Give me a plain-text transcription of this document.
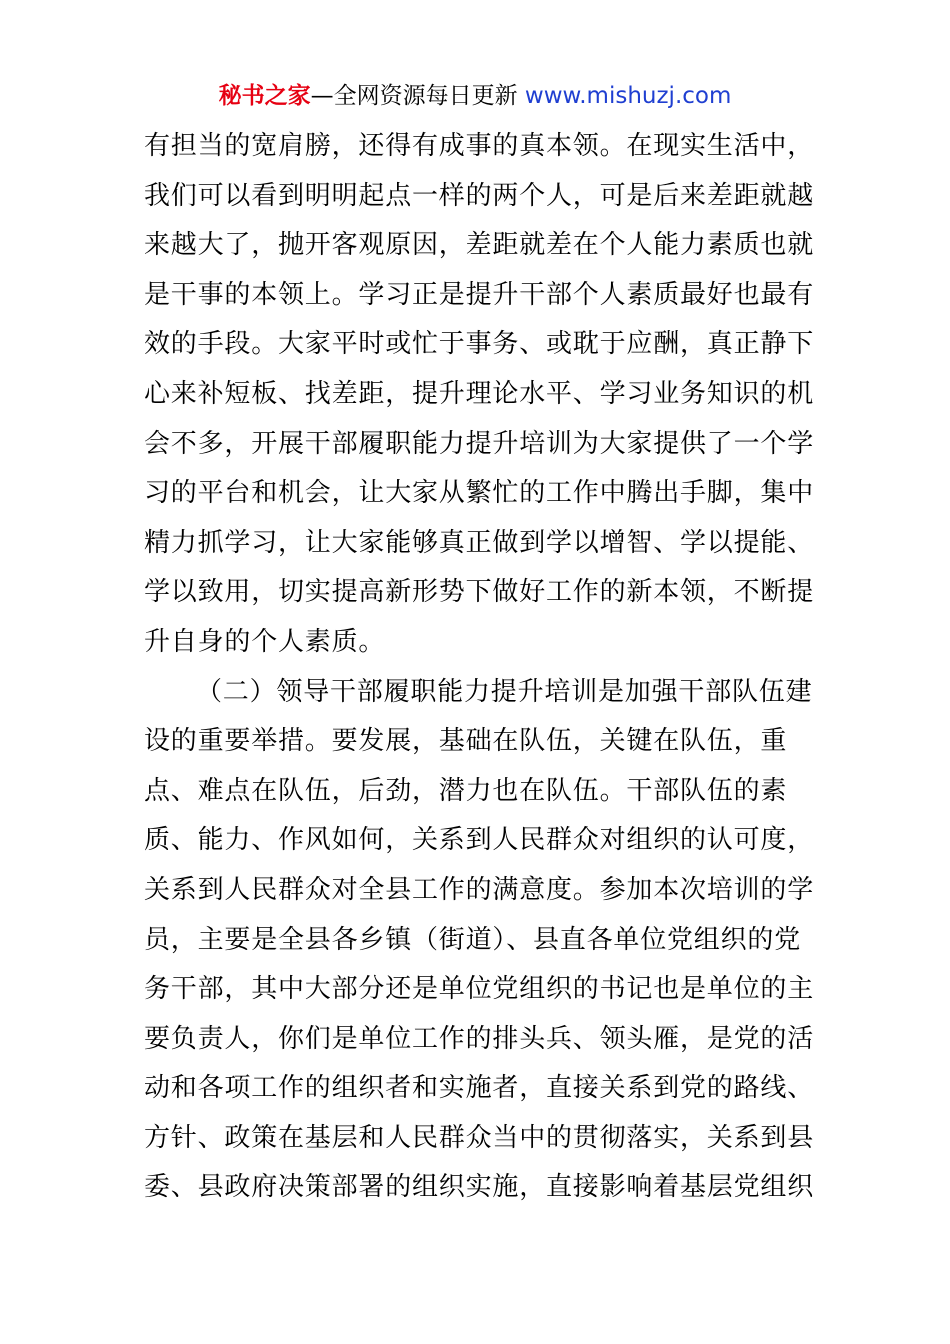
秘书之家—全网资源每日更新 www.mishuzj.com
有担当的宽肩膀，还得有成事的真本领。在现实生活中，
我们可以看到明明起点一样的两个人，可是后来差距就越
来越大了，抛开客观原因，差距就差在个人能力素质也就
是干事的本领上。学习正是提升干部个人素质最好也最有
效的手段。大家平时或忙于事务、或耽于应酬，真正静下
心来补短板、找差距，提升理论水平、学习业务知识的机
会不多，开展干部履职能力提升培训为大家提供了一个学
习的平台和机会，让大家从繁忙的工作中腾出手脚，集中
精力抓学习，让大家能够真正做到学以增智、学以提能、
学以致用，切实提高新形势下做好工作的新本领，不断提
升自身的个人素质。
（二）领导干部履职能力提升培训是加强干部队伍建
设的重要举措。要发展，基础在队伍，关键在队伍，重
点、难点在队伍，后劲，潜力也在队伍。干部队伍的素
质、能力、作风如何，关系到人民群众对组织的认可度，
关系到人民群众对全县工作的满意度。参加本次培训的学
员，主要是全县各乡镇（街道）、县直各单位党组织的党
务干部，其中大部分还是单位党组织的书记也是单位的主
要负责人，你们是单位工作的排头兵、领头雁，是党的活
动和各项工作的组织者和实施者，直接关系到党的路线、
方针、政策在基层和人民群众当中的贯彻落实，关系到县
委、县政府决策部署的组织实施，直接影响着基层党组织
